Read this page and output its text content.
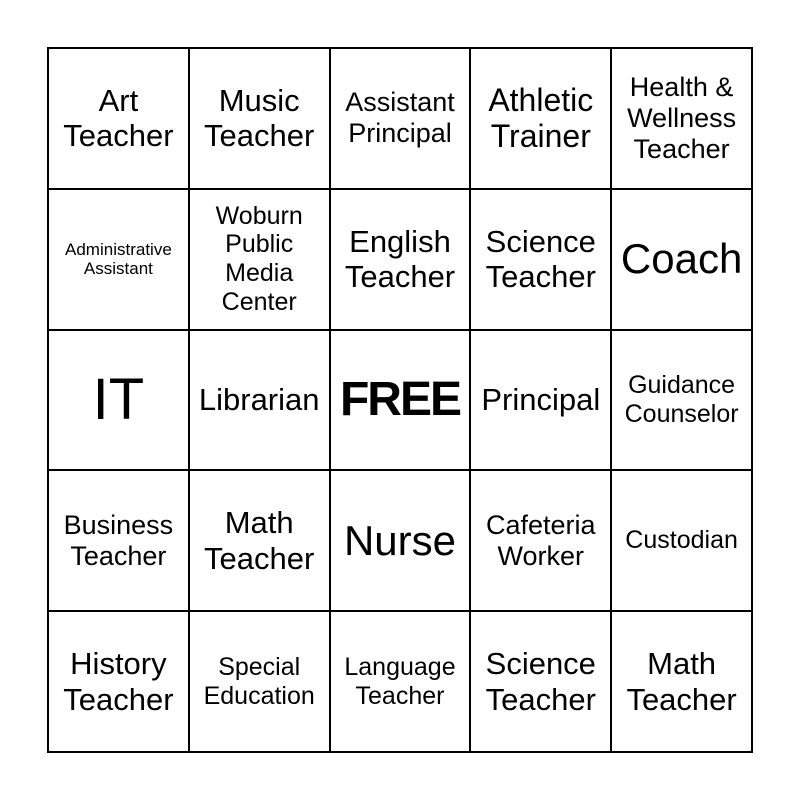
Art
Teacher
Music
Teacher
Assistant
Principal
Athletic
Trainer
Health &
Wellness
Teacher
Administrative
Assistant
Woburn
Public
Media
Center
English
Teacher
Science
Teacher Coach
IT Librarian FREE Principal Guidance
Counselor
Business
Teacher
Math
Teacher Nurse Cafeteria
Worker
Custodian
History
Teacher
Special
Education
Language
Teacher
Science
Teacher
Math
Teacher
